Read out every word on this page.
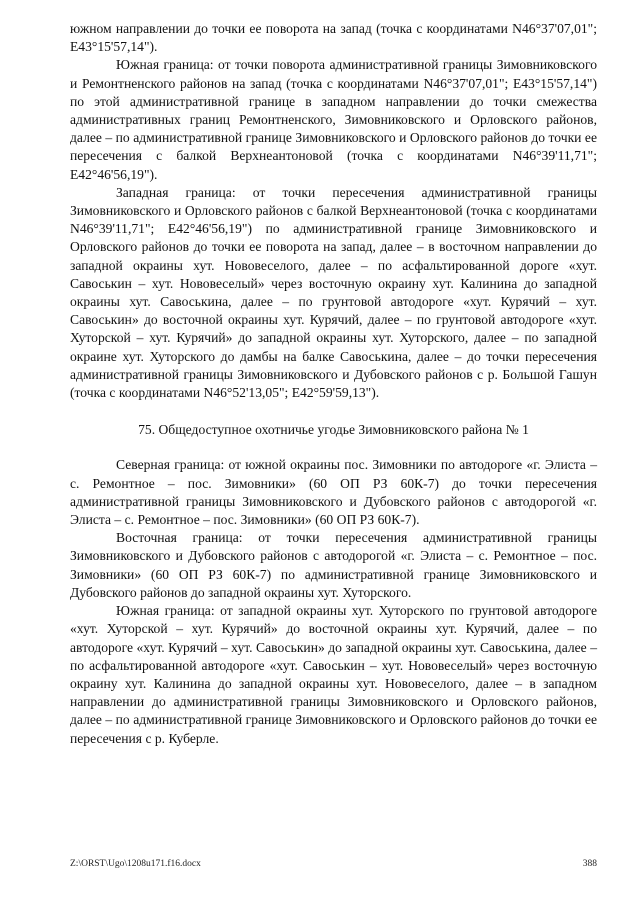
южном направлении до точки ее поворота на запад (точка с координатами N46°37'07,01"; E43°15'57,14").

Южная граница: от точки поворота административной границы Зимовниковского и Ремонтненского районов на запад (точка с координатами N46°37'07,01"; E43°15'57,14") по этой административной границе в западном направлении до точки смежества административных границ Ремонтненского, Зимовниковского и Орловского районов, далее – по административной границе Зимовниковского и Орловского районов до точки ее пересечения с балкой Верхнеантоновой (точка с координатами N46°39'11,71"; E42°46'56,19").

Западная граница: от точки пересечения административной границы Зимовниковского и Орловского районов с балкой Верхнеантоновой (точка с координатами N46°39'11,71"; E42°46'56,19") по административной границе Зимовниковского и Орловского районов до точки ее поворота на запад, далее – в восточном направлении до западной окраины хут. Нововеселого, далее – по асфальтированной дороге «хут. Савоськин – хут. Нововеселый» через восточную окраину хут. Калинина до западной окраины хут. Савоськина, далее – по грунтовой автодороге «хут. Курячий – хут. Савоськин» до восточной окраины хут. Курячий, далее – по грунтовой автодороге «хут. Хуторской – хут. Курячий» до западной окраины хут. Хуторского, далее – по западной окраине хут. Хуторского до дамбы на балке Савоськина, далее – до точки пересечения административной границы Зимовниковского и Дубовского районов с р. Большой Гашун (точка с координатами N46°52'13,05"; E42°59'59,13").

75. Общедоступное охотничье угодье Зимовниковского района № 1

Северная граница: от южной окраины пос. Зимовники по автодороге «г. Элиста – с. Ремонтное – пос. Зимовники» (60 ОП РЗ 60К-7) до точки пересечения административной границы Зимовниковского и Дубовского районов с автодорогой «г. Элиста – с. Ремонтное – пос. Зимовники» (60 ОП РЗ 60К-7).

Восточная граница: от точки пересечения административной границы Зимовниковского и Дубовского районов с автодорогой «г. Элиста – с. Ремонтное – пос. Зимовники» (60 ОП РЗ 60К-7) по административной границе Зимовниковского и Дубовского районов до западной окраины хут. Хуторского.

Южная граница: от западной окраины хут. Хуторского по грунтовой автодороге «хут. Хуторской – хут. Курячий» до восточной окраины хут. Курячий, далее – по автодороге «хут. Курячий – хут. Савоськин» до западной окраины хут. Савоськина, далее – по асфальтированной автодороге «хут. Савоськин – хут. Нововеселый» через восточную окраину хут. Калинина до западной окраины хут. Нововеселого, далее – в западном направлении до административной границы Зимовниковского и Орловского районов, далее – по административной границе Зимовниковского и Орловского районов до точки ее пересечения с р. Куберле.

Z:\ORST\Ugo\1208u171.f16.docx	388
